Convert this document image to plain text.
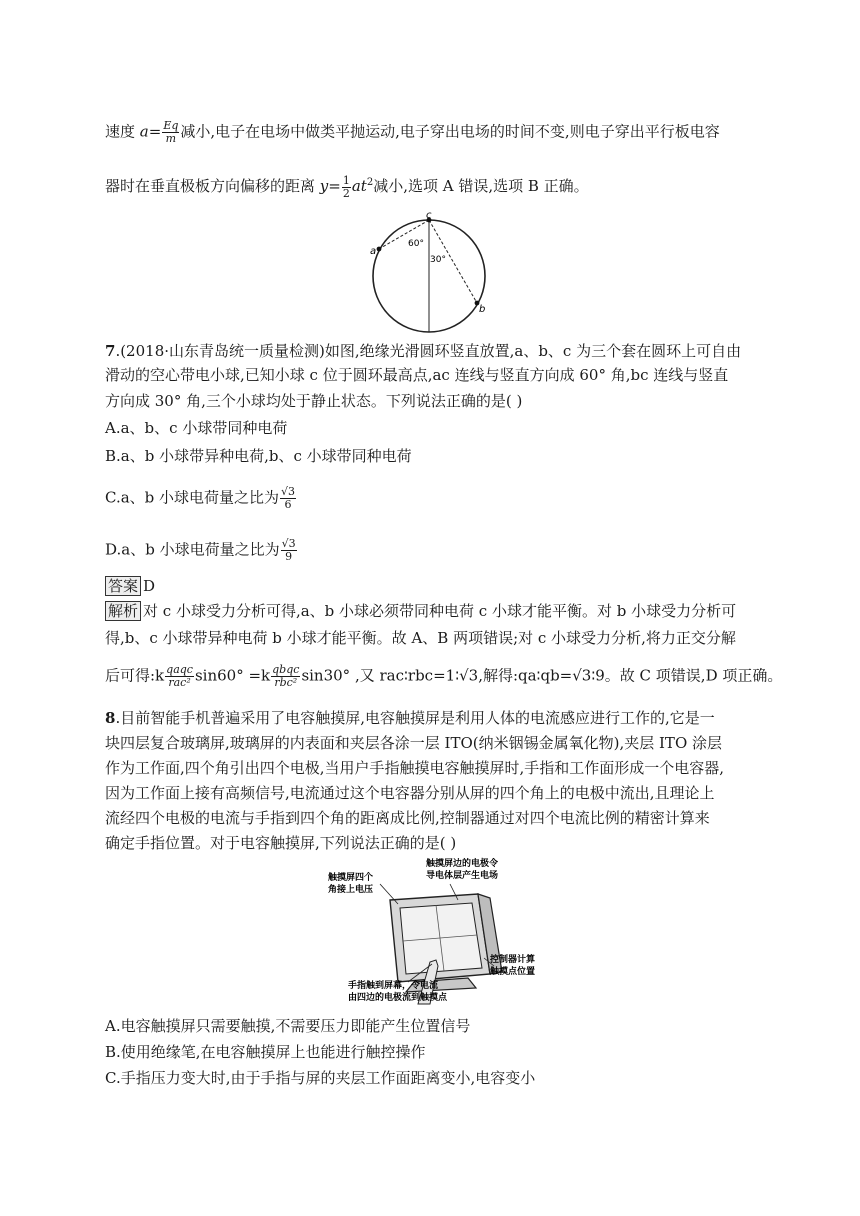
速度 $a= \frac{Eq}{m}$ 减小,电子在电场中做类平抛运动,电子穿出电场的时间不变,则电子穿出平行板电容
器时在垂直极板方向偏移的距离 $y= \frac{1}{2} at^2$减小,选项 A 错误,选项 B 正确。
c
a
b
60°
30°
7.(2018·山东青岛统一质量检测)如图,绝缘光滑圆环竖直放置,a、b、c 为三个套在圆环上可自由
滑动的空心带电小球,已知小球 c 位于圆环最高点,ac 连线与竖直方向成 60° 角,bc 连线与竖直
方向成 30° 角,三个小球均处于静止状态。下列说法正确的是( )
A.a、b、c 小球带同种电荷
B.a、b 小球带异种电荷,b、c 小球带同种电荷
C.a、b 小球电荷量之比为 $\frac{√3}{6}$
D.a、b 小球电荷量之比为 $\frac{√3}{9}$
答案 D
解析 对 c 小球受力分析可得,a、b 小球必须带同种电荷 c 小球才能平衡。对 b 小球受力分析可
得,b、c 小球带异种电荷 b 小球才能平衡。故 A、B 两项错误;对 c 小球受力分析,将力正交分解
后可得:k $\frac{\text{qaqc}}{\text{rac²}} \sin 60^\circ =k \frac{\text{qbqc}}{\text{rbc²}} \sin 30^\circ$ ,又 rac∶rbc=1∶√3,解得:qa∶qb=√3∶9。故 C 项错误,D 项正确。
8.目前智能手机普遍采用了电容触摸屏,电容触摸屏是利用人体的电流感应进行工作的,它是一
块四层复合玻璃屏,玻璃屏的内表面和夹层各涂一层 ITO(纳米铟锡金属氧化物),夹层 ITO 涂层
作为工作面,四个角引出四个电极,当用户手指触摸电容触摸屏时,手指和工作面形成一个电容器,
因为工作面上接有高频信号,电流通过这个电容器分别从屏的四个角上的电极中流出,且理论上
流经四个电极的电流与手指到四个角的距离成比例,控制器通过对四个电流比例的精密计算来
确定手指位置。对于电容触摸屏,下列说法正确的是( )
触摸屏边的电极令
导电体层产生电场
触摸屏四个
角接上电压
控制器计算
触摸点位置
手指触到屏幕，令电流
由四边的电极流到触摸点
A.电容触摸屏只需要触摸,不需要压力即能产生位置信号
B.使用绝缘笔,在电容触摸屏上也能进行触控操作
C.手指压力变大时,由于手指与屏的夹层工作面距离变小,电容变小
